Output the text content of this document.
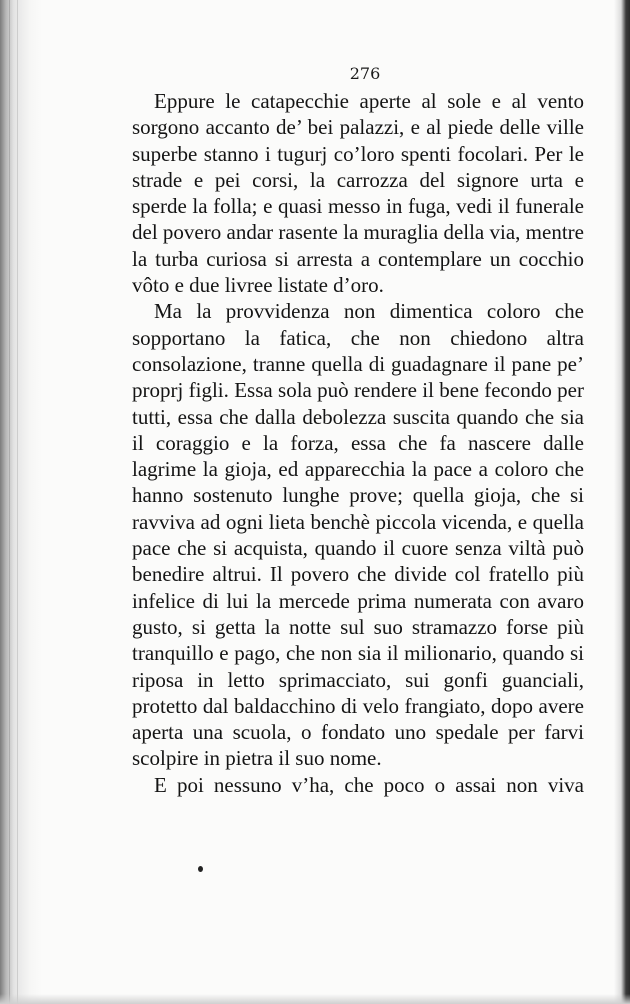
276

Eppure le catapecchie aperte al sole e al vento sorgono accanto de’ bei palazzi, e al piede delle ville superbe stanno i tugurj co’loro spenti focolari. Per le strade e pei corsi, la carrozza del signore urta e sperde la folla; e quasi messo in fuga, vedi il funerale del povero andar rasente la muraglia della via, mentre la turba curiosa si arresta a contemplare un cocchio vôto e due livree listate d’oro.

Ma la provvidenza non dimentica coloro che sopportano la fatica, che non chiedono altra consolazione, tranne quella di guadagnare il pane pe’ proprj figli. Essa sola può rendere il bene fecondo per tutti, essa che dalla debolezza suscita quando che sia il coraggio e la forza, essa che fa nascere dalle lagrime la gioja, ed apparecchia la pace a coloro che hanno sostenuto lunghe prove; quella gioja, che si ravviva ad ogni lieta benchè piccola vicenda, e quella pace che si acquista, quando il cuore senza viltà può benedire altrui. Il povero che divide col fratello più infelice di lui la mercede prima numerata con avaro gusto, si getta la notte sul suo stramazzo forse più tranquillo e pago, che non sia il milionario, quando si riposa in letto sprimacciato, sui gonfi guanciali, protetto dal baldacchino di velo frangiato, dopo avere aperta una scuola, o fondato uno spedale per farvi scolpire in pietra il suo nome.

E poi nessuno v’ha, che poco o assai non viva
